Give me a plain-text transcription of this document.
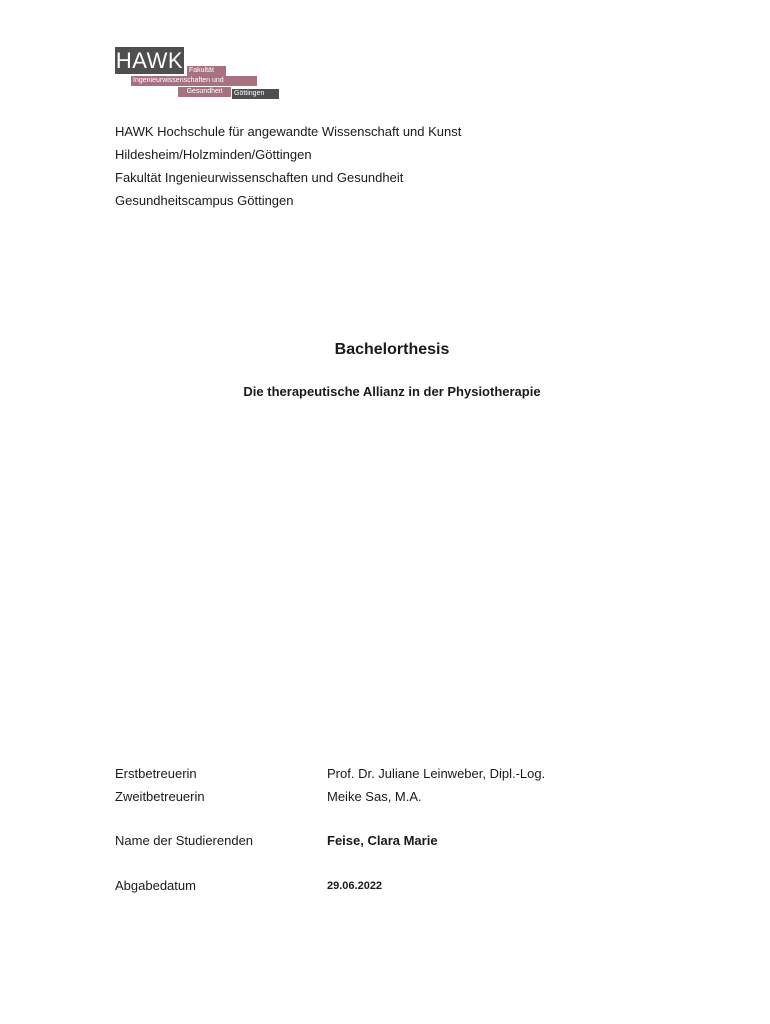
HAWK Fakultät
Ingenieurwissenschaften und
Gesundheit	Göttingen
HAWK Hochschule für angewandte Wissenschaft und Kunst
Hildesheim/Holzminden/Göttingen
Fakultät Ingenieurwissenschaften und Gesundheit
Gesundheitscampus Göttingen
Bachelorthesis
Die therapeutische Allianz in der Physiotherapie
Erstbetreuerin	Prof. Dr. Juliane Leinweber, Dipl.-Log.
Zweitbetreuerin	Meike Sas, M.A.
Name der Studierenden	Feise, Clara Marie
Abgabedatum	29.06.2022
